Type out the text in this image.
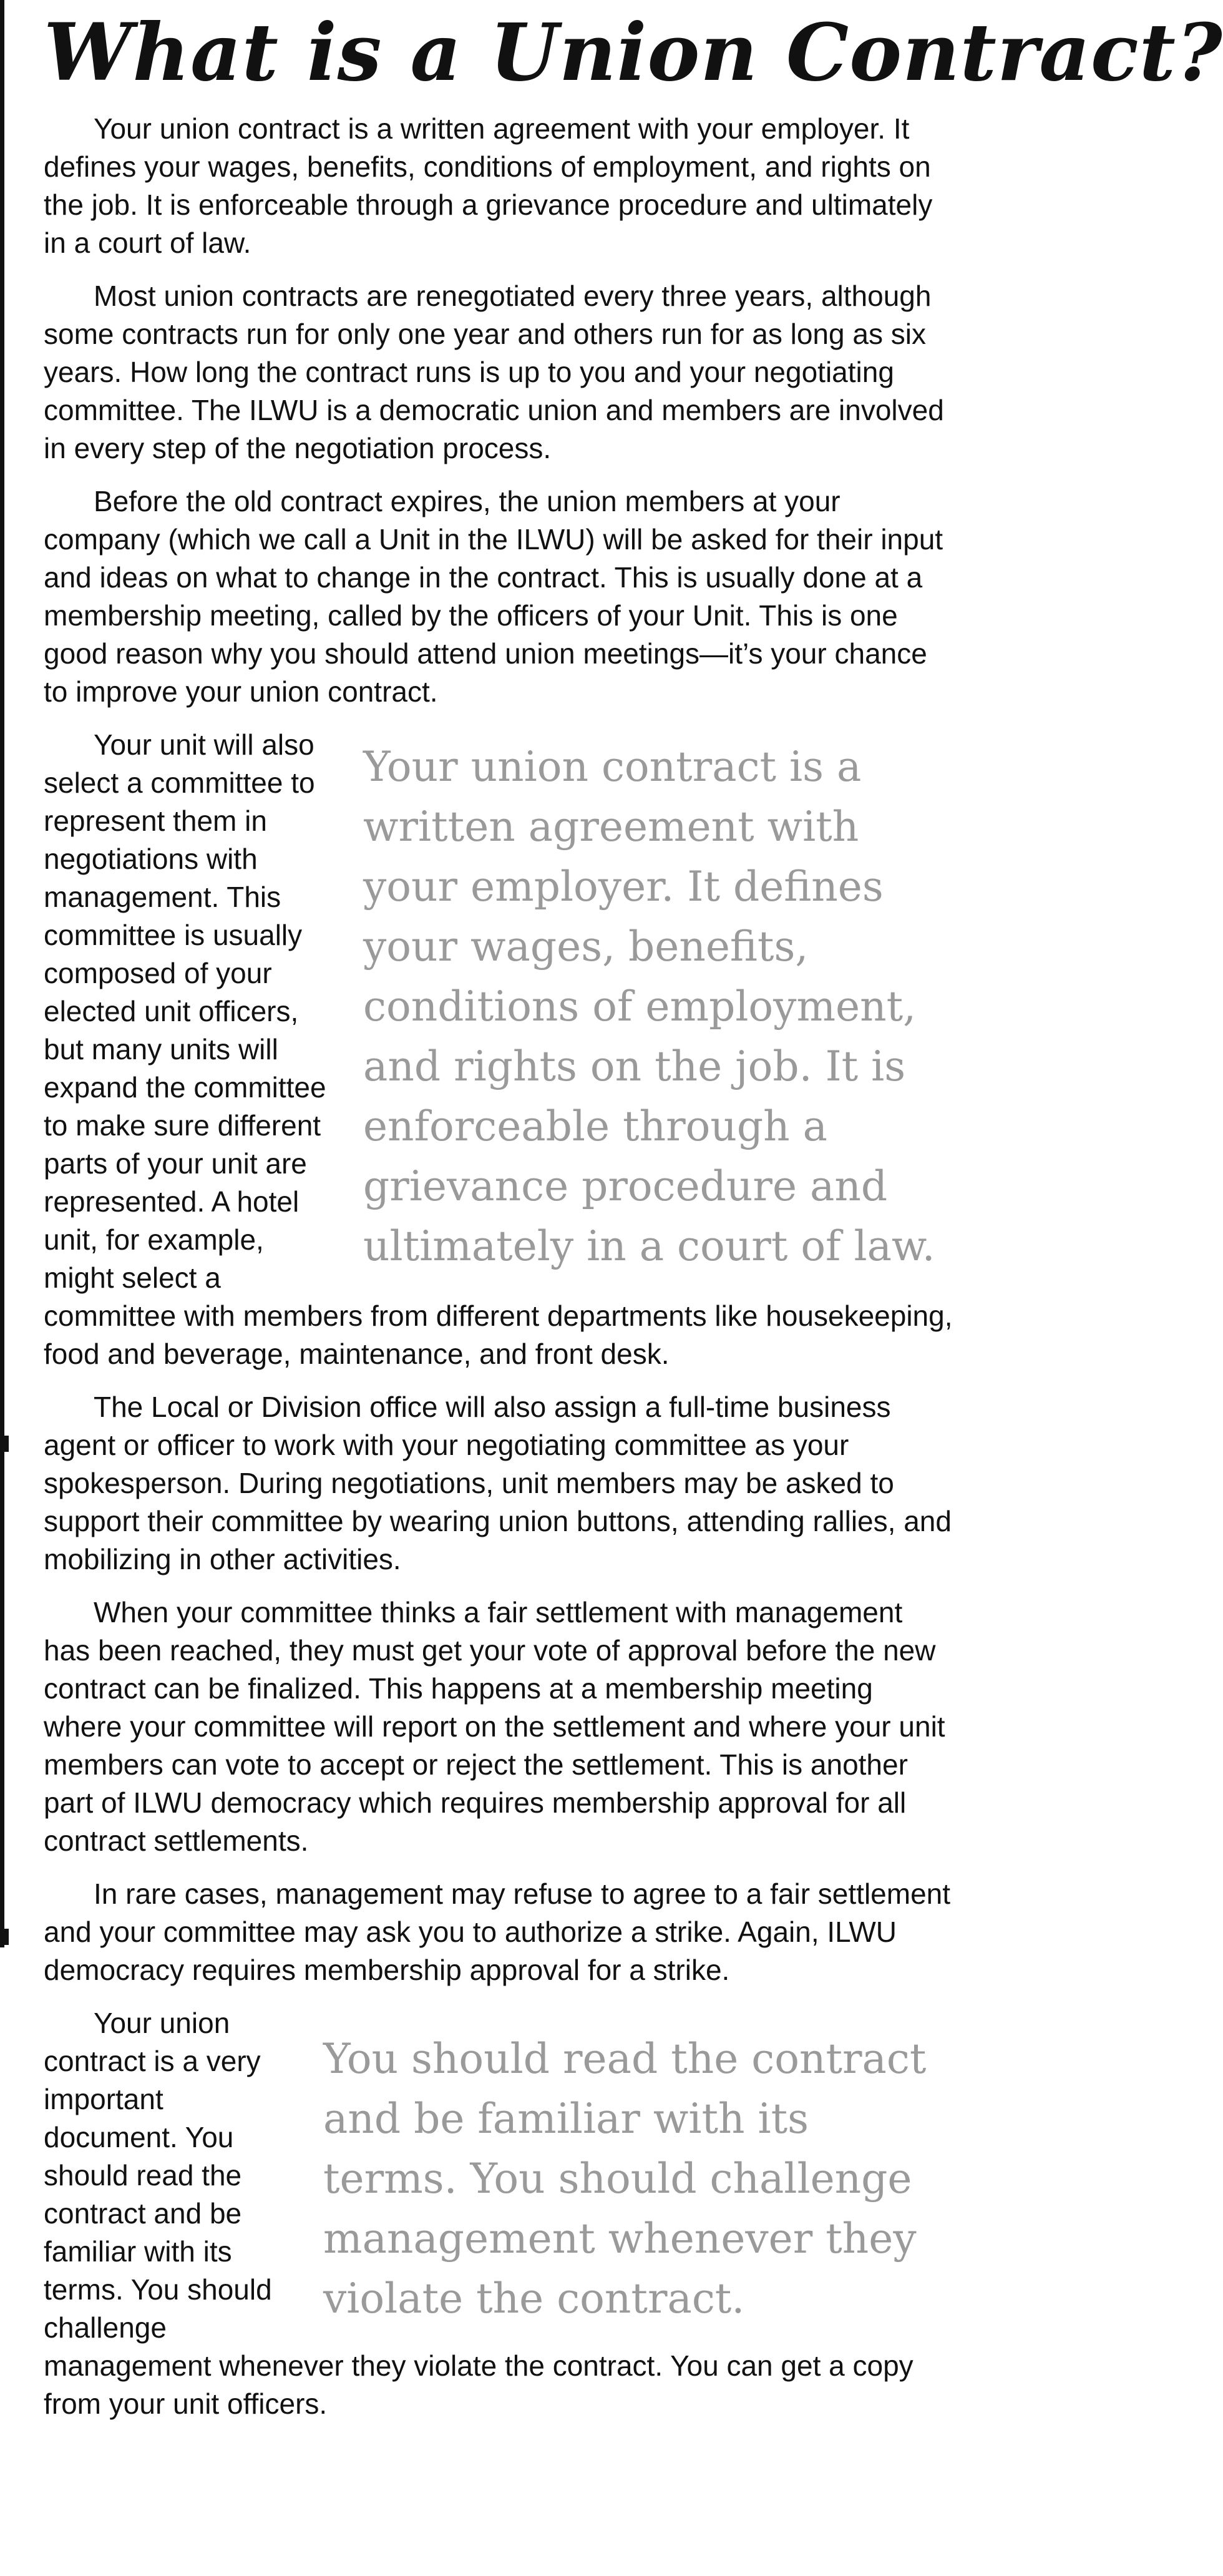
What is a Union Contract?

Your union contract is a written agreement with your employer. It defines your wages, benefits, conditions of employment, and rights on the job. It is enforceable through a grievance procedure and ultimately in a court of law.

Most union contracts are renegotiated every three years, although some contracts run for only one year and others run for as long as six years. How long the contract runs is up to you and your negotiating committee. The ILWU is a democratic union and members are involved in every step of the negotiation process.

Before the old contract expires, the union members at your company (which we call a Unit in the ILWU) will be asked for their input and ideas on what to change in the contract. This is usually done at a membership meeting, called by the officers of your Unit. This is one good reason why you should attend union meetings—it’s your chance to improve your union contract.

Your union contract is a written agreement with your employer. It defines your wages, benefits, conditions of employment, and rights on the job. It is enforceable through a grievance procedure and ultimately in a court of law.

Your unit will also select a committee to represent them in negotiations with management. This committee is usually composed of your elected unit officers, but many units will expand the committee to make sure different parts of your unit are represented. A hotel unit, for example, might select a committee with members from different departments like housekeeping, food and beverage, maintenance, and front desk.

The Local or Division office will also assign a full-time business agent or officer to work with your negotiating committee as your spokesperson. During negotiations, unit members may be asked to support their committee by wearing union buttons, attending rallies, and mobilizing in other activities.

When your committee thinks a fair settlement with management has been reached, they must get your vote of approval before the new contract can be finalized. This happens at a membership meeting where your committee will report on the settlement and where your unit members can vote to accept or reject the settlement. This is another part of ILWU democracy which requires membership approval for all contract settlements.

In rare cases, management may refuse to agree to a fair settlement and your committee may ask you to authorize a strike. Again, ILWU democracy requires membership approval for a strike.

You should read the contract and be familiar with its terms. You should challenge management whenever they violate the contract.

Your union contract is a very important document. You should read the contract and be familiar with its terms. You should challenge management whenever they violate the contract. You can get a copy from your unit officers.
